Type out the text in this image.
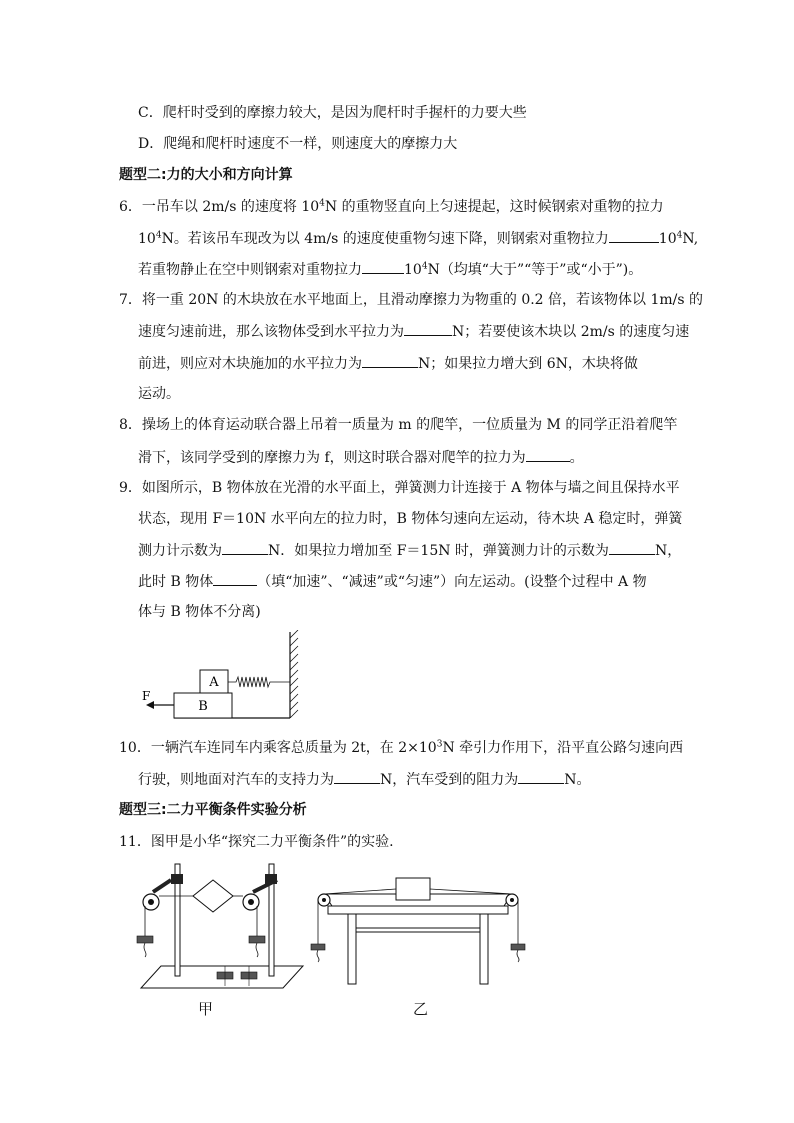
C．爬杆时受到的摩擦力较大，是因为爬杆时手握杆的力要大些
D．爬绳和爬杆时速度不一样，则速度大的摩擦力大
题型二:力的大小和方向计算
6．一吊车以 2m/s 的速度将 $10^4N$ 的重物竖直向上匀速提起，这时候钢索对重物的拉力
$10^4N$。若该吊车现改为以 4m/s 的速度使重物匀速下降，则钢索对重物拉力	$10^4N$,
若重物静止在空中则钢索对重物拉力	$10^4N$（均填“大于”“等于”或“小于”)。
7．将一重 20N 的木块放在水平地面上，且滑动摩擦力为物重的 0.2 倍，若该物体以 1m/s 的
速度匀速前进，那么该物体受到水平拉力为	N；若要使该木块以 2m/s 的速度匀速
前进，则应对木块施加的水平拉力为	N；如果拉力增大到 6N，木块将做
运动。
8．操场上的体育运动联合器上吊着一质量为 m 的爬竿，一位质量为 M 的同学正沿着爬竿
滑下，该同学受到的摩擦力为 f，则这时联合器对爬竿的拉力为	。
9．如图所示，B 物体放在光滑的水平面上，弹簧测力计连接于 A 物体与墙之间且保持水平
状态，现用 F＝10N 水平向左的拉力时，B 物体匀速向左运动，待木块 A 稳定时，弹簧
测力计示数为	N．如果拉力增加至 F＝15N 时，弹簧测力计的示数为	N，
此时 B 物体	（填“加速”、“减速”或“匀速”）向左运动。(设整个过程中 A 物
体与 B 物体不分离)
B
A
F
10．一辆汽车连同车内乘客总质量为 2t，在 $2\times 10^3N$ 牵引力作用下，沿平直公路匀速向西
行驶，则地面对汽车的支持力为	N，汽车受到的阻力为	N。
题型三:二力平衡条件实验分析
11．图甲是小华“探究二力平衡条件”的实验.
甲	乙
